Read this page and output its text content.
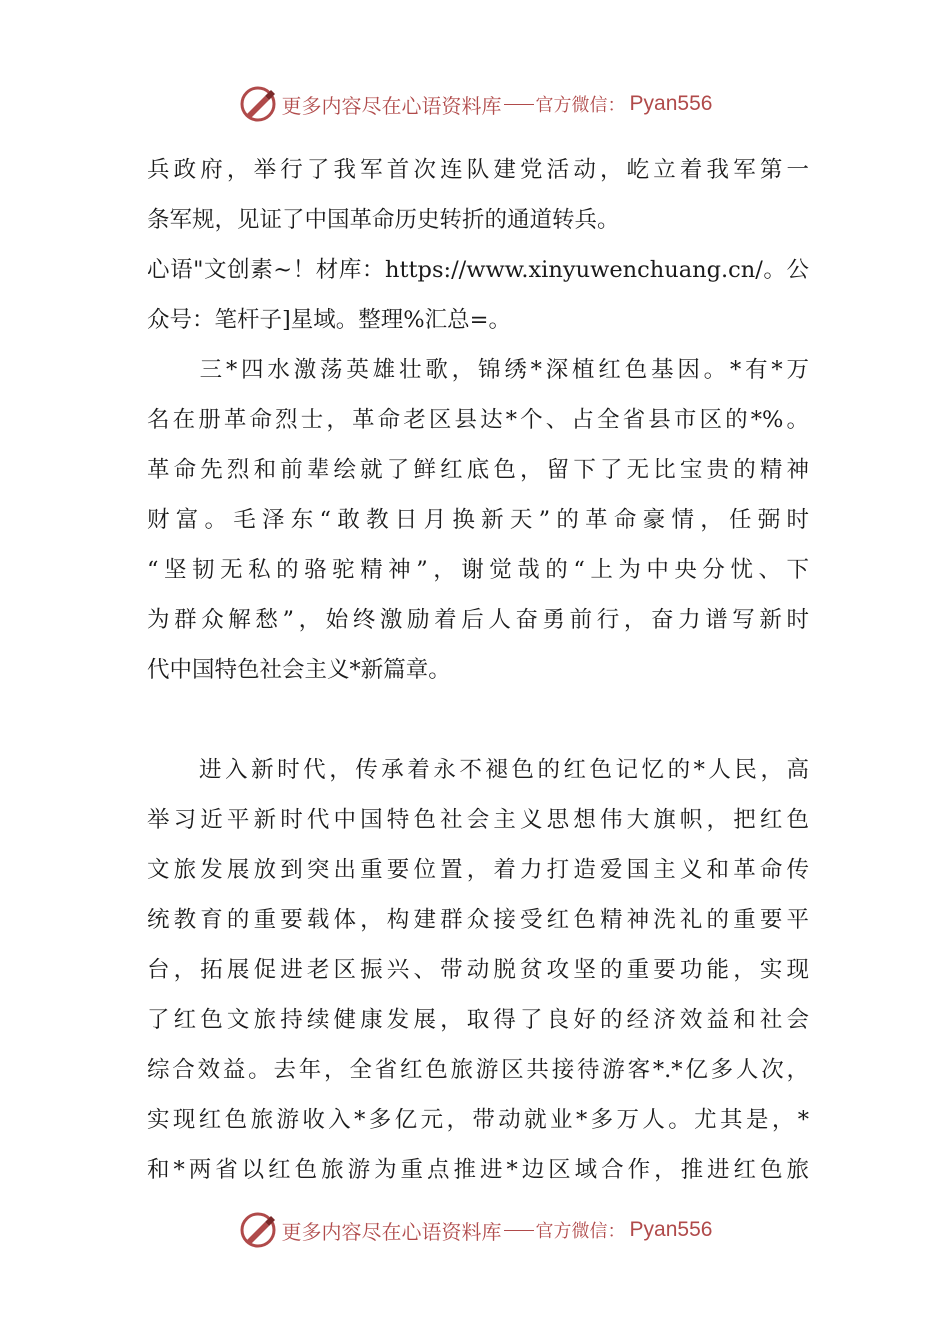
更多内容尽在心语资料库 官方微信： Pyan556
兵政府，举行了我军首次连队建党活动，屹立着我军第一
条军规，见证了中国革命历史转折的通道转兵。
心语"文创素~！材库：https://www.xinyuwenchuang.cn/。公
众号：笔杆子]星域。整理%汇总=。
　　三*四水激荡英雄壮歌，锦绣*深植红色基因。*有*万
名在册革命烈士，革命老区县达*个、占全省县市区的*%。
革命先烈和前辈绘就了鲜红底色，留下了无比宝贵的精神
财富。毛泽东“敢教日月换新天”的革命豪情，任弼时
“坚韧无私的骆驼精神”，谢觉哉的“上为中央分忧、下
为群众解愁”，始终激励着后人奋勇前行，奋力谱写新时
代中国特色社会主义*新篇章。
　　进入新时代，传承着永不褪色的红色记忆的*人民，高
举习近平新时代中国特色社会主义思想伟大旗帜，把红色
文旅发展放到突出重要位置，着力打造爱国主义和革命传
统教育的重要载体，构建群众接受红色精神洗礼的重要平
台，拓展促进老区振兴、带动脱贫攻坚的重要功能，实现
了红色文旅持续健康发展，取得了良好的经济效益和社会
综合效益。去年，全省红色旅游区共接待游客*.*亿多人次，
实现红色旅游收入*多亿元，带动就业*多万人。尤其是，*
和*两省以红色旅游为重点推进*边区域合作，推进红色旅
更多内容尽在心语资料库 官方微信： Pyan556
